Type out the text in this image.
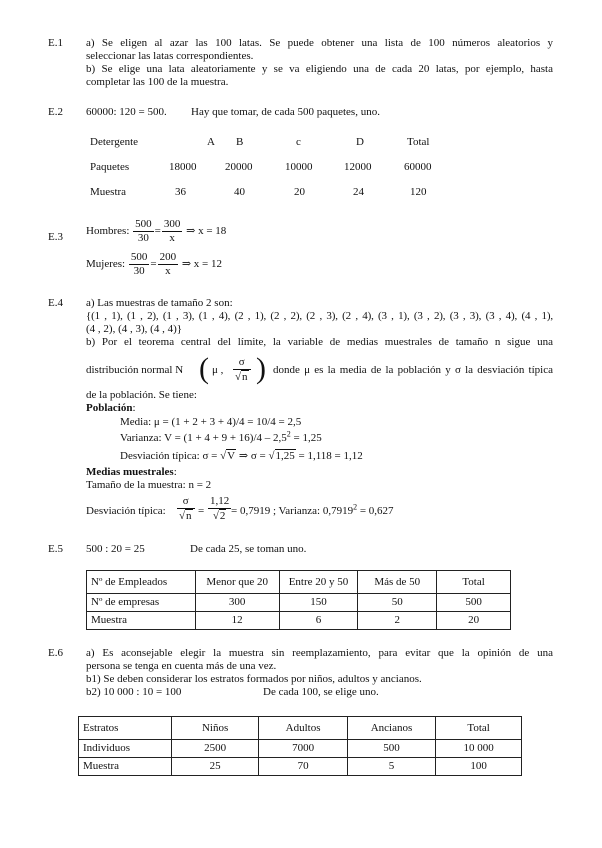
E.1 a) Se eligen al azar las 100 latas. Se puede obtener una lista de 100 números aleatorios y
seleccionar las latas correspondientes.
b) Se elige una lata aleatoriamente y se va eligiendo una de cada 20 latas, por ejemplo, hasta
completar las 100 de la muestra.
E.2 60000: 120 = 500. Hay que tomar, de cada 500 paquetes, uno.
Detergente	A B	c	D	Total
Paquetes	18000	20000	10000	12000	60000
Muestra	36	40	20	24	120
E.3 Hombres: $\frac{500}{30} = \frac{300}{x}$ ⇒ x = 18
Mujeres: $\frac{500}{30} = \frac{200}{x}$ ⇒ x = 12
E.4 a) Las muestras de tamaño 2 son:
{(1 , 1), (1 , 2), (1 , 3), (1 , 4), (2 , 1), (2 , 2), (2 , 3), (2 , 4), (3 , 1), (3 , 2), (3 , 3), (3 , 4), (4 , 1),
(4 , 2), (4 , 3), (4 , 4)}
b) Por el teorema central del límite, la variable de medias muestrales de tamaño n sigue una
distribución normal N ( μ , $\frac{\sigma}{√n}$ ) donde μ es la media de la población y σ la desviación típica
de la población. Se tiene:
Población:
Media: μ = (1 + 2 + 3 + 4)/4 = 10/4 = 2,5
Varianza: $V = (1 + 4 + 9 + 16)/4 - 2,5^2 = 1,25$
Desviación típica: σ = √V ⇒ σ = √1,25 = 1,118 = 1,12
Medias muestrales:
Tamaño de la muestra: n = 2
Desviación típica: $\frac{\sigma}{√n} = \frac{1,12}{√2} = 0,7919$ ; Varianza: $0,7919^2 = 0,627$
E.5 500 : 20 = 25	De cada 25, se toman uno.
Nº de Empleados	Menor que 20	Entre 20 y 50	Más de 50	Total
Nº de empresas	300	150	50	500
Muestra	12	6	2	20
E.6 a) Es aconsejable elegir la muestra sin reemplazamiento, para evitar que la opinión de una
persona se tenga en cuenta más de una vez.
b1) Se deben considerar los estratos formados por niños, adultos y ancianos.
b2) 10 000 : 10 = 100	De cada 100, se elige uno.
Estratos	Niños	Adultos	Ancianos	Total
Individuos	2500	7000	500	10 000
Muestra	25	70	5	100
